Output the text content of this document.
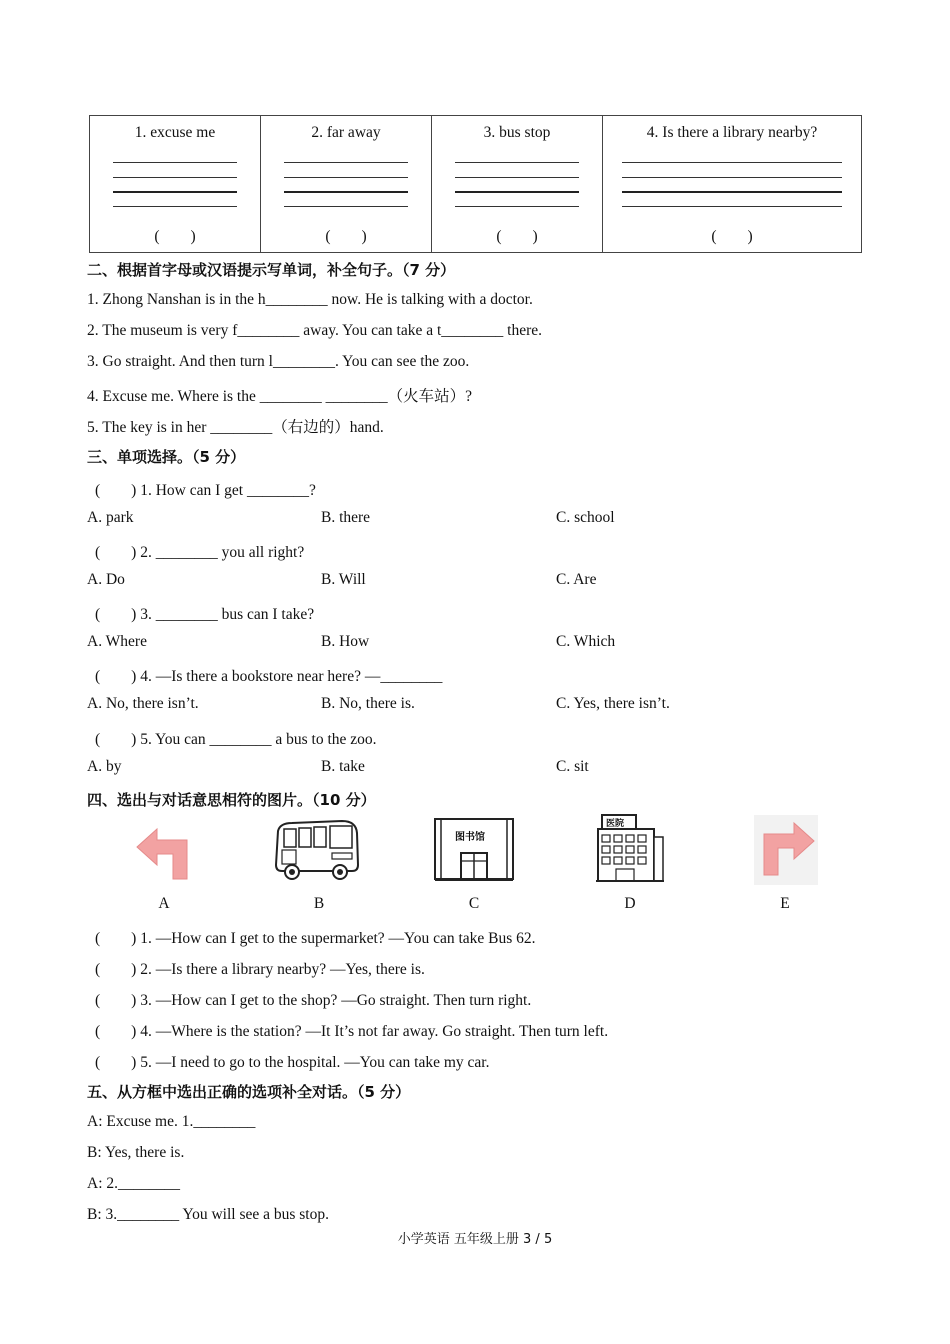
1. excuse me
(　　)

2. far away
(　　)

3. bus stop
(　　)

4. Is there a library nearby?
(　　)
二、根据首字母或汉语提示写单词，补全句子。（7 分）
1. Zhong Nanshan is in the h________ now. He is talking with a doctor.
2. The museum is very f________ away. You can take a t________ there.
3. Go straight. And then turn l________. You can see the zoo.
4. Excuse me. Where is the ________ ________（火车站）?
5. The key is in her ________（右边的）hand.
三、单项选择。（5 分）
(　　) 1. How can I get ________?
A. park	B. there	C. school
(　　) 2. ________ you all right?
A. Do	B. Will	C. Are
(　　) 3. ________ bus can I take?
A. Where	B. How	C. Which
(　　) 4. —Is there a bookstore near here? —________
A. No, there isn’t.	B. No, there is.	C. Yes, there isn’t.
(　　) 5. You can ________ a bus to the zoo.
A. by	B. take	C. sit
四、选出与对话意思相符的图片。（10 分）
图书馆
医院
A	B	C	D	E
(　　) 1. —How can I get to the supermarket? —You can take Bus 62.
(　　) 2. —Is there a library nearby? —Yes, there is.
(　　) 3. —How can I get to the shop? —Go straight. Then turn right.
(　　) 4. —Where is the station? —It It’s not far away. Go straight. Then turn left.
(　　) 5. —I need to go to the hospital. —You can take my car.
五、从方框中选出正确的选项补全对话。（5 分）
A: Excuse me. 1.________
B: Yes, there is.
A: 2.________
B: 3.________ You will see a bus stop.
小学英语 五年级上册 3 / 5
